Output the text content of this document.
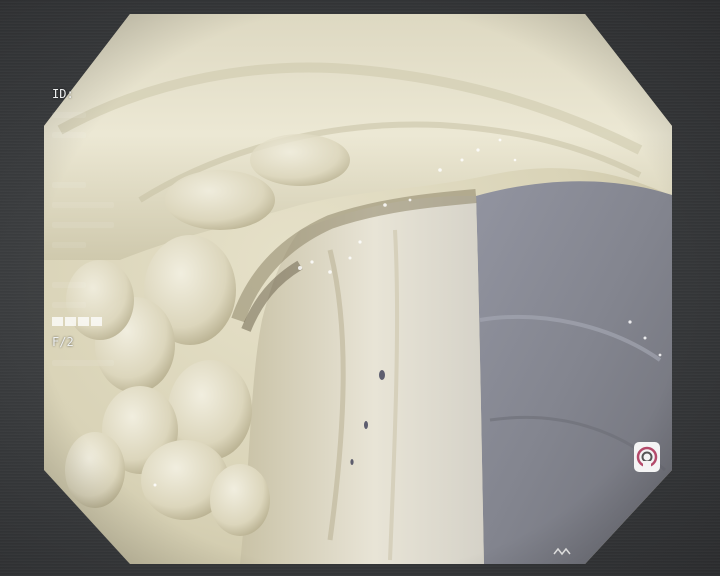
ID:
F/2
